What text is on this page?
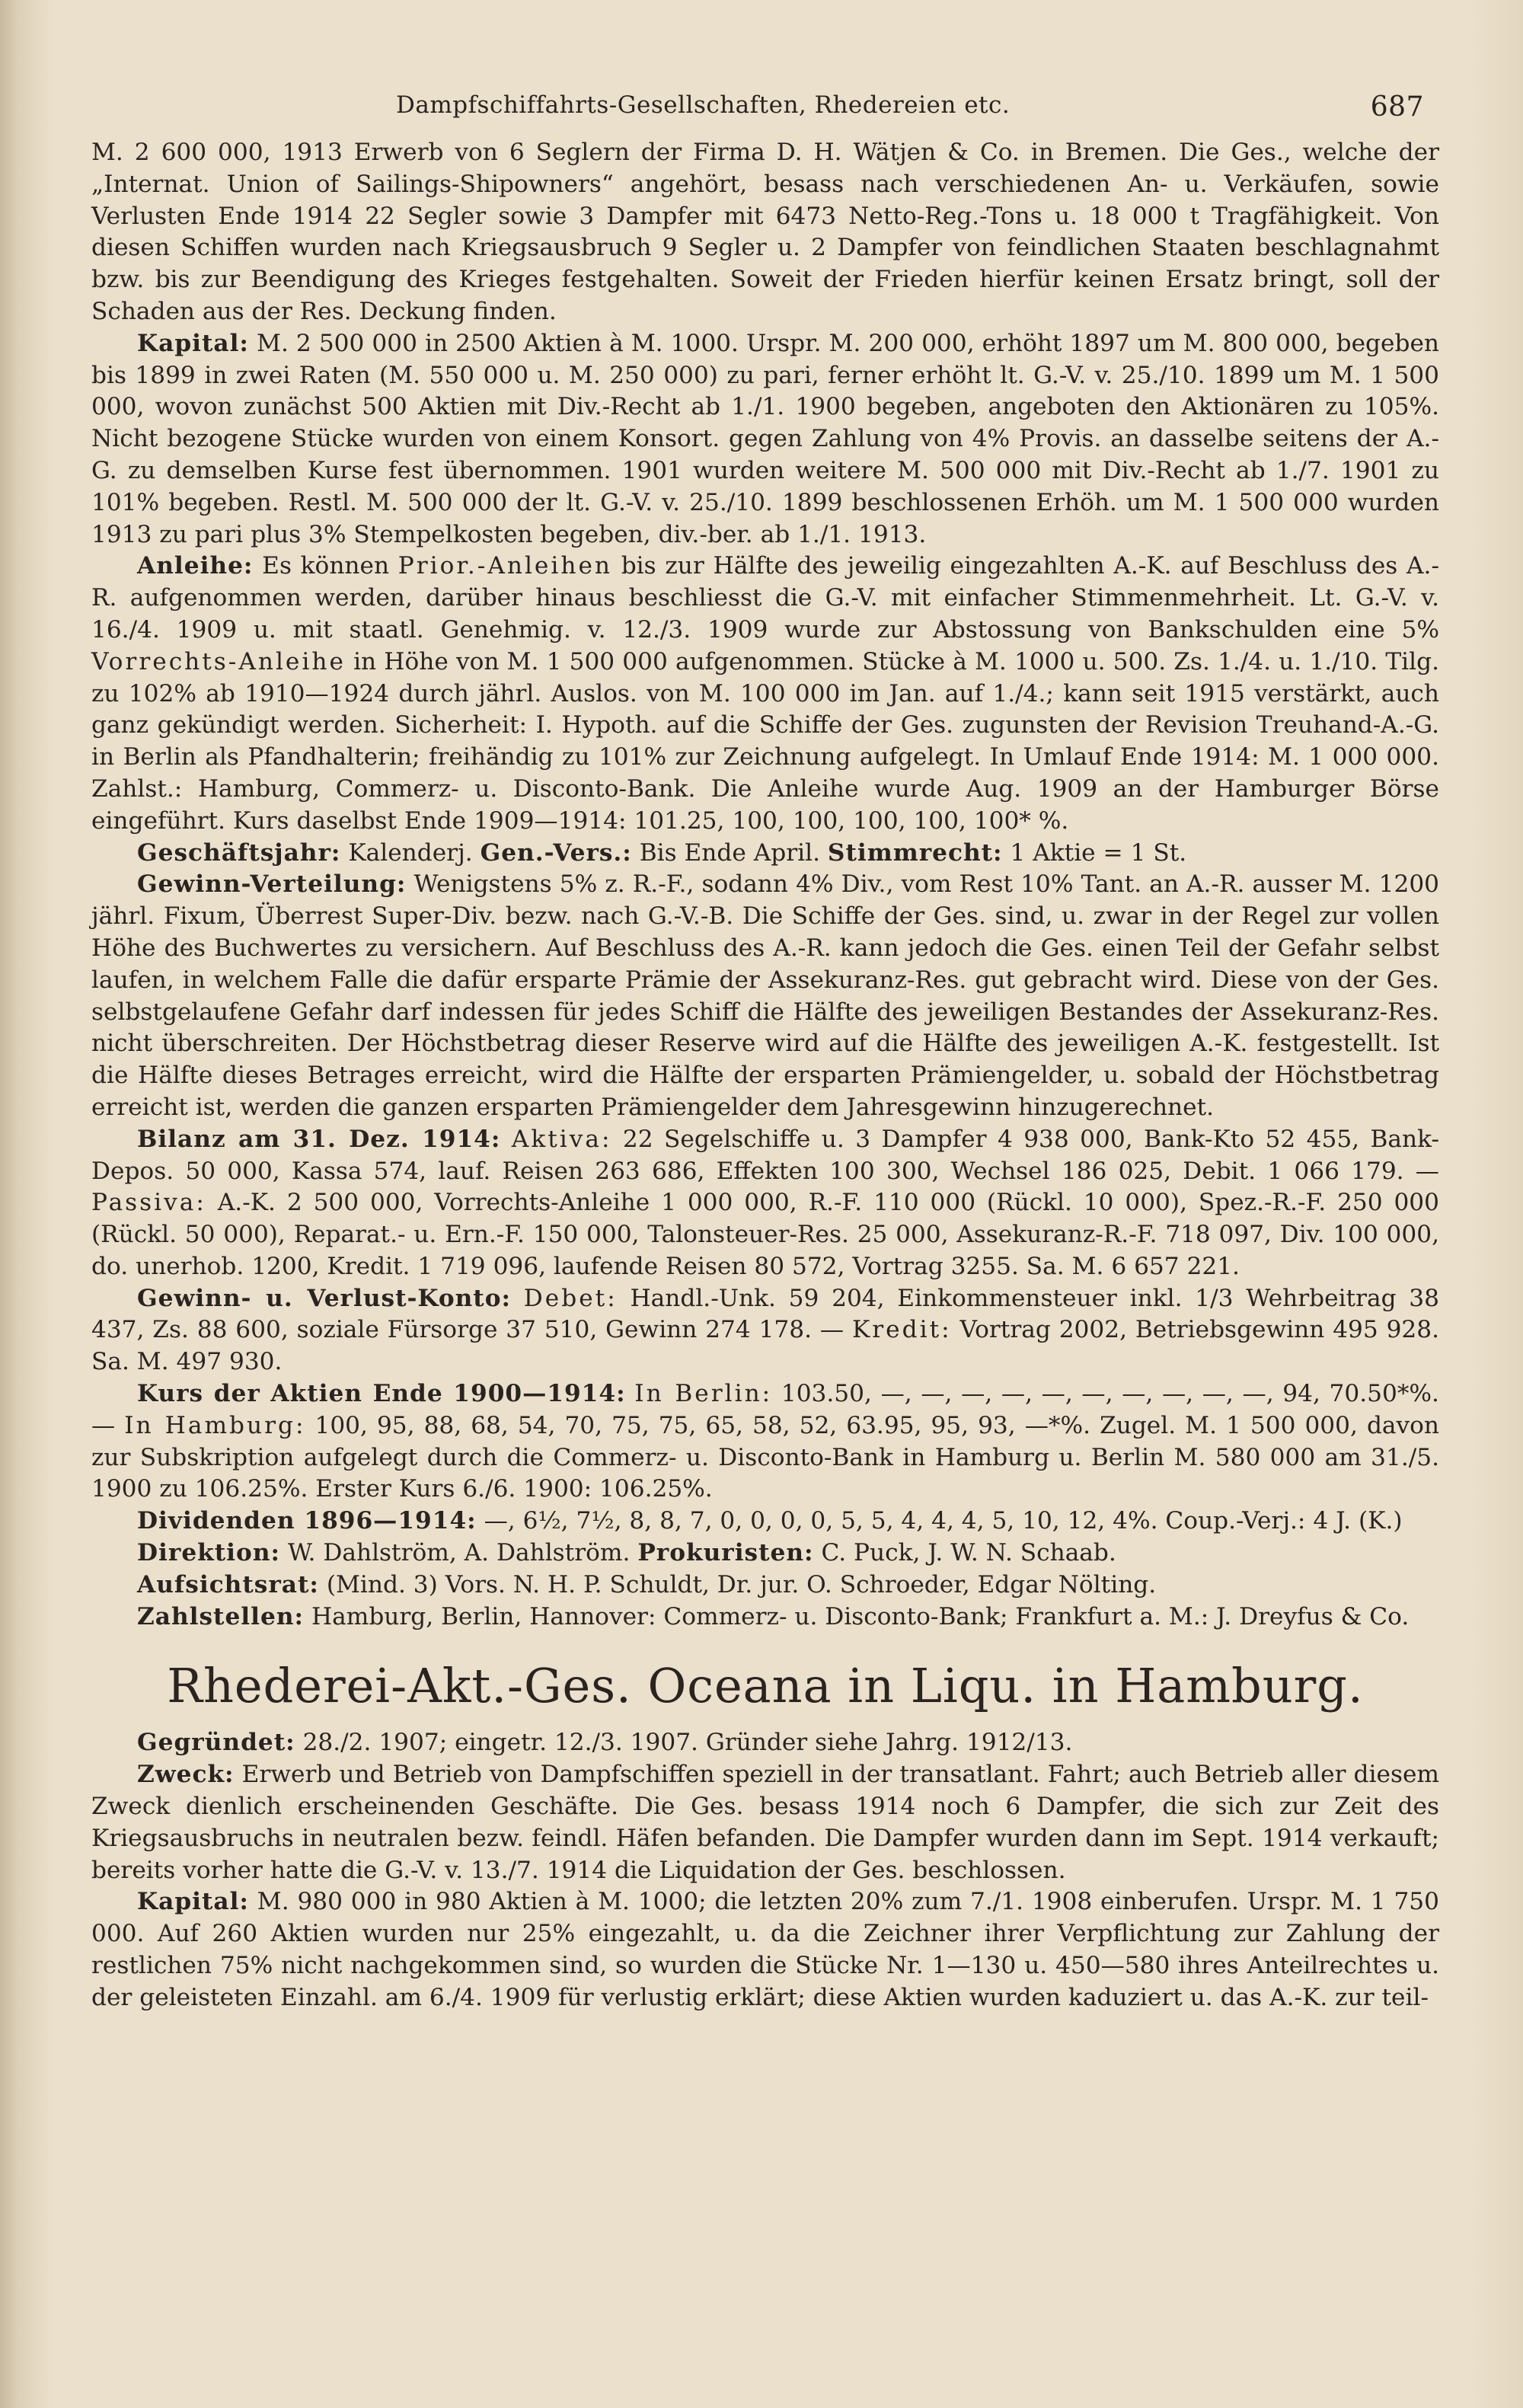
Dampfschiffahrts-Gesellschaften, Rhedereien etc.	687

M. 2 600 000, 1913 Erwerb von 6 Seglern der Firma D. H. Wätjen & Co. in Bremen. Die Ges., welche der „Internat. Union of Sailings-Shipowners“ angehört, besass nach verschiedenen An- u. Verkäufen, sowie Verlusten Ende 1914 22 Segler sowie 3 Dampfer mit 6473 Netto-Reg.-Tons u. 18 000 t Tragfähigkeit. Von diesen Schiffen wurden nach Kriegsausbruch 9 Segler u. 2 Dampfer von feindlichen Staaten beschlagnahmt bzw. bis zur Beendigung des Krieges festgehalten. Soweit der Frieden hierfür keinen Ersatz bringt, soll der Schaden aus der Res. Deckung finden.

Kapital: M. 2 500 000 in 2500 Aktien à M. 1000. Urspr. M. 200 000, erhöht 1897 um M. 800 000, begeben bis 1899 in zwei Raten (M. 550 000 u. M. 250 000) zu pari, ferner erhöht lt. G.-V. v. 25./10. 1899 um M. 1 500 000, wovon zunächst 500 Aktien mit Div.-Recht ab 1./1. 1900 begeben, angeboten den Aktionären zu 105%. Nicht bezogene Stücke wurden von einem Konsort. gegen Zahlung von 4% Provis. an dasselbe seitens der A.-G. zu demselben Kurse fest übernommen. 1901 wurden weitere M. 500 000 mit Div.-Recht ab 1./7. 1901 zu 101% begeben. Restl. M. 500 000 der lt. G.-V. v. 25./10. 1899 beschlossenen Erhöh. um M. 1 500 000 wurden 1913 zu pari plus 3% Stempelkosten begeben, div.-ber. ab 1./1. 1913.

Anleihe: Es können Prior.-Anleihen bis zur Hälfte des jeweilig eingezahlten A.-K. auf Beschluss des A.-R. aufgenommen werden, darüber hinaus beschliesst die G.-V. mit einfacher Stimmenmehrheit. Lt. G.-V. v. 16./4. 1909 u. mit staatl. Genehmig. v. 12./3. 1909 wurde zur Abstossung von Bankschulden eine 5% Vorrechts-Anleihe in Höhe von M. 1 500 000 aufgenommen. Stücke à M. 1000 u. 500. Zs. 1./4. u. 1./10. Tilg. zu 102% ab 1910—1924 durch jährl. Auslos. von M. 100 000 im Jan. auf 1./4.; kann seit 1915 verstärkt, auch ganz gekündigt werden. Sicherheit: I. Hypoth. auf die Schiffe der Ges. zugunsten der Revision Treuhand-A.-G. in Berlin als Pfandhalterin; freihändig zu 101% zur Zeichnung aufgelegt. In Umlauf Ende 1914: M. 1 000 000. Zahlst.: Hamburg, Commerz- u. Disconto-Bank. Die Anleihe wurde Aug. 1909 an der Hamburger Börse eingeführt. Kurs daselbst Ende 1909—1914: 101.25, 100, 100, 100, 100, 100* %.

Geschäftsjahr: Kalenderj. Gen.-Vers.: Bis Ende April. Stimmrecht: 1 Aktie = 1 St.

Gewinn-Verteilung: Wenigstens 5% z. R.-F., sodann 4% Div., vom Rest 10% Tant. an A.-R. ausser M. 1200 jährl. Fixum, Überrest Super-Div. bezw. nach G.-V.-B. Die Schiffe der Ges. sind, u. zwar in der Regel zur vollen Höhe des Buchwertes zu versichern. Auf Beschluss des A.-R. kann jedoch die Ges. einen Teil der Gefahr selbst laufen, in welchem Falle die dafür ersparte Prämie der Assekuranz-Res. gut gebracht wird. Diese von der Ges. selbstgelaufene Gefahr darf indessen für jedes Schiff die Hälfte des jeweiligen Bestandes der Assekuranz-Res. nicht überschreiten. Der Höchstbetrag dieser Reserve wird auf die Hälfte des jeweiligen A.-K. festgestellt. Ist die Hälfte dieses Betrages erreicht, wird die Hälfte der ersparten Prämiengelder, u. sobald der Höchstbetrag erreicht ist, werden die ganzen ersparten Prämiengelder dem Jahresgewinn hinzugerechnet.

Bilanz am 31. Dez. 1914: Aktiva: 22 Segelschiffe u. 3 Dampfer 4 938 000, Bank-Kto 52 455, Bank-Depos. 50 000, Kassa 574, lauf. Reisen 263 686, Effekten 100 300, Wechsel 186 025, Debit. 1 066 179. — Passiva: A.-K. 2 500 000, Vorrechts-Anleihe 1 000 000, R.-F. 110 000 (Rückl. 10 000), Spez.-R.-F. 250 000 (Rückl. 50 000), Reparat.- u. Ern.-F. 150 000, Talonsteuer-Res. 25 000, Assekuranz-R.-F. 718 097, Div. 100 000, do. unerhob. 1200, Kredit. 1 719 096, laufende Reisen 80 572, Vortrag 3255. Sa. M. 6 657 221.

Gewinn- u. Verlust-Konto: Debet: Handl.-Unk. 59 204, Einkommensteuer inkl. 1/3 Wehrbeitrag 38 437, Zs. 88 600, soziale Fürsorge 37 510, Gewinn 274 178. — Kredit: Vortrag 2002, Betriebsgewinn 495 928. Sa. M. 497 930.

Kurs der Aktien Ende 1900—1914: In Berlin: 103.50, —, —, —, —, —, —, —, —, —, —, 94, 70.50*%. — In Hamburg: 100, 95, 88, 68, 54, 70, 75, 75, 65, 58, 52, 63.95, 95, 93, —*%. Zugel. M. 1 500 000, davon zur Subskription aufgelegt durch die Commerz- u. Disconto-Bank in Hamburg u. Berlin M. 580 000 am 31./5. 1900 zu 106.25%. Erster Kurs 6./6. 1900: 106.25%.

Dividenden 1896—1914: —, 6½, 7½, 8, 8, 7, 0, 0, 0, 0, 5, 5, 4, 4, 4, 5, 10, 12, 4%. Coup.-Verj.: 4 J. (K.)

Direktion: W. Dahlström, A. Dahlström. Prokuristen: C. Puck, J. W. N. Schaab.

Aufsichtsrat: (Mind. 3) Vors. N. H. P. Schuldt, Dr. jur. O. Schroeder, Edgar Nölting.

Zahlstellen: Hamburg, Berlin, Hannover: Commerz- u. Disconto-Bank; Frankfurt a. M.: J. Dreyfus & Co.

Rhederei-Akt.-Ges. Oceana in Liqu. in Hamburg.

Gegründet: 28./2. 1907; eingetr. 12./3. 1907. Gründer siehe Jahrg. 1912/13.

Zweck: Erwerb und Betrieb von Dampfschiffen speziell in der transatlant. Fahrt; auch Betrieb aller diesem Zweck dienlich erscheinenden Geschäfte. Die Ges. besass 1914 noch 6 Dampfer, die sich zur Zeit des Kriegsausbruchs in neutralen bezw. feindl. Häfen befanden. Die Dampfer wurden dann im Sept. 1914 verkauft; bereits vorher hatte die G.-V. v. 13./7. 1914 die Liquidation der Ges. beschlossen.

Kapital: M. 980 000 in 980 Aktien à M. 1000; die letzten 20% zum 7./1. 1908 einberufen. Urspr. M. 1 750 000. Auf 260 Aktien wurden nur 25% eingezahlt, u. da die Zeichner ihrer Verpflichtung zur Zahlung der restlichen 75% nicht nachgekommen sind, so wurden die Stücke Nr. 1—130 u. 450—580 ihres Anteilrechtes u. der geleisteten Einzahl. am 6./4. 1909 für verlustig erklärt; diese Aktien wurden kaduziert u. das A.-K. zur teil-
